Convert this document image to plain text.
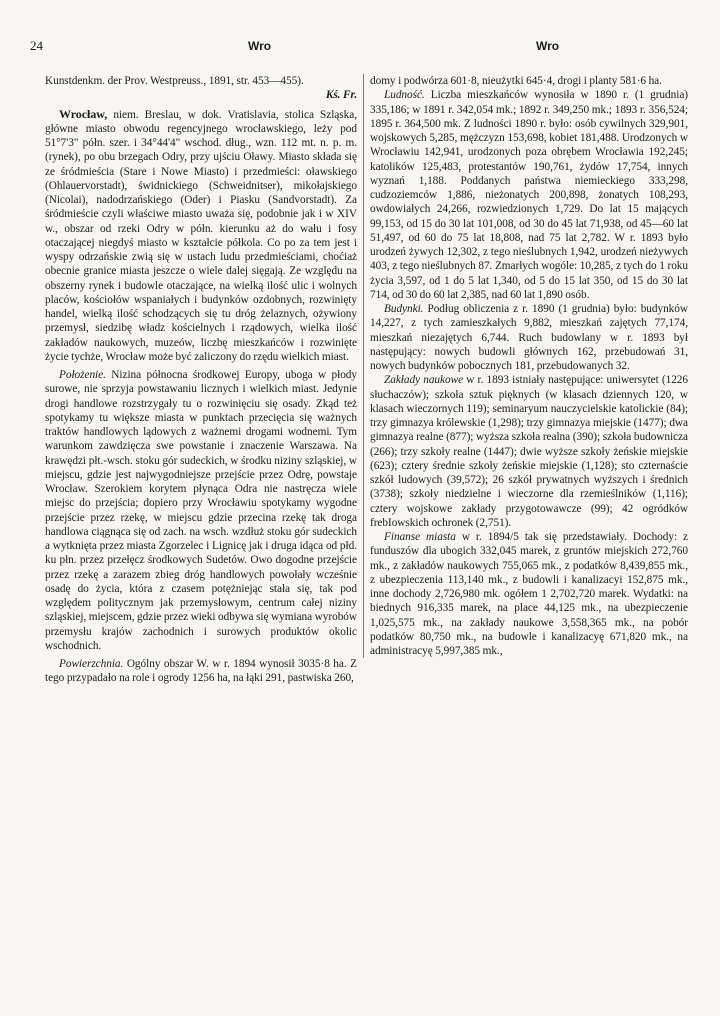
24	Wro	Wro

Kunstdenkm. der Prov. Westpreuss., 1891, str. 453—455).

Kś. Fr.

Wrocław, niem. Breslau, w dok. Vratislavia, stolica Szląska, główne miasto obwodu regencyjnego wrocławskiego, leży pod 51°7'3" półn. szer. i 34°44'4" wschod. dług., wzn. 112 mt. n. p. m. (rynek), po obu brzegach Odry, przy ujściu Oławy. Miasto składa się ze śródmieścia (Stare i Nowe Miasto) i przedmieści: oławskiego (Ohlauervorstadt), świdnickiego (Schweidnitser), mikołajskiego (Nicolai), nadodrzańskiego (Oder) i Piasku (Sandvorstadt). Za śródmieście czyli właściwe miasto uważa się, podobnie jak i w XIV w., obszar od rzeki Odry w półn. kierunku aż do wału i fosy otaczającej niegdyś miasto w kształcie półkola. Co po za tem jest i wyspy odrzańskie zwią się w ustach ludu przedmieściami, choćiaż obecnie granice miasta jeszcze o wiele dalej sięgają. Ze względu na obszerny rynek i budowle otaczające, na wielką ilość ulic i wolnych placów, kościołów wspaniałych i budynków ozdobnych, rozwinięty handel, wielką ilość schodzących się tu dróg żelaznych, ożywiony przemysł, siedzibę władz kościelnych i rządowych, wielka ilość zakładów naukowych, muzeów, liczbę mieszkańców i rozwinięte życie tychże, Wrocław może być zaliczony do rzędu wielkich miast.

Położenie. Nizina północna środkowej Europy, uboga w płody surowe, nie sprzyja powstawaniu licznych i wielkich miast. Jedynie drogi handlowe rozstrzygały tu o rozwinięciu się osady. Zkąd też spotykamy tu większe miasta w punktach przecięcia się ważnych traktów handlowych lądowych z ważnemi drogami wodnemi. Tym warunkom zawdzięcza swe powstanie i znaczenie Warszawa. Na krawędzi płt.-wsch. stoku gór sudeckich, w środku niziny szląskiej, w miejscu, gdzie jest najwygodniejsze przejście przez Odrę, powstaje Wrocław. Szerokiem korytem płynąca Odra nie nastręcza wiele miejsc do przejścia; dopiero przy Wrocławiu spotykamy wygodne przejście przez rzekę, w miejscu gdzie przecina rzekę tak droga handlowa ciągnąca się od zach. na wsch. wzdłuż stoku gór sudeckich a wytknięta przez miasta Zgorzelec i Lignicę jak i druga idąca od płd. ku płn. przez przełęcz środkowych Sudetów. Owo dogodne przejście przez rzekę a zarazem zbieg dróg handlowych powołały wcześnie osadę do życia, która z czasem potężniejąc stała się, tak pod względem politycznym jak przemysłowym, centrum całej niziny szląskiej, miejscem, gdzie przez wieki odbywa się wymiana wyrobów przemysłu krajów zachodnich i surowych produktów okolic wschodnich.

Powierzchnia. Ogólny obszar W. w r. 1894 wynosił 3035·8 ha. Z tego przypadało na role i ogrody 1256 ha, na łąki 291, pastwiska 260,

domy i podwórza 601·8, nieużytki 645·4, drogi i planty 581·6 ha.

Ludność. Liczba mieszkańców wynosiła w 1890 r. (1 grudnia) 335,186; w 1891 r. 342,054 mk.; 1892 r. 349,250 mk.; 1893 r. 356,524; 1895 r. 364,500 mk. Z ludności 1890 r. było: osób cywilnych 329,901, wojskowych 5,285, mężczyzn 153,698, kobiet 181,488. Urodzonych w Wrocławiu 142,941, urodzonych poza obrębem Wrocławia 192,245; katolików 125,483, protestantów 190,761, żydów 17,754, innych wyznań 1,188. Poddanych państwa niemieckiego 333,298, cudzoziemców 1,886, nieżonatych 200,898, żonatych 108,293, owdowiałych 24,266, rozwiedzionych 1,729. Do lat 15 mających 99,153, od 15 do 30 lat 101,008, od 30 do 45 lat 71,938, od 45—60 lat 51,497, od 60 do 75 lat 18,808, nad 75 lat 2,782. W r. 1893 było urodzeń żywych 12,302, z tego nieślubnych 1,942, urodzeń nieżywych 403, z tego nieślubnych 87. Zmarłych wogóle: 10,285, z tych do 1 roku życia 3,597, od 1 do 5 lat 1,340, od 5 do 15 lat 350, od 15 do 30 lat 714, od 30 do 60 lat 2,385, nad 60 lat 1,890 osób.

Budynki. Podług obliczenia z r. 1890 (1 grudnia) było: budynków 14,227, z tych zamieszkałych 9,882, mieszkań zajętych 77,174, mieszkań niezajętych 6,744. Ruch budowlany w r. 1893 był następujący: nowych budowli głównych 162, przebudowań 31, nowych budynków pobocznych 181, przebudowanych 32.

Zakłady naukowe w r. 1893 istniały następujące: uniwersytet (1226 słuchaczów); szkoła sztuk pięknych (w klasach dziennych 120, w klasach wieczornych 119); seminaryum nauczycielskie katolickie (84); trzy gimnazya królewskie (1,298); trzy gimnazya miejskie (1477); dwa gimnazya realne (877); wyższa szkoła realna (390); szkoła budownicza (266); trzy szkoły realne (1447); dwie wyższe szkoły żeńskie miejskie (623); cztery średnie szkoły żeńskie miejskie (1,128); sto czternaście szkół ludowych (39,572); 26 szkół prywatnych wyższych i średnich (3738); szkoły niedzielne i wieczorne dla rzemieślników (1,116); cztery wojskowe zakłady przygotowawcze (99); 42 ogródków frebIowskich ochronek (2,751).

Finanse miasta w r. 1894/5 tak się przedstawiały. Dochody: z funduszów dla ubogich 332,045 marek, z gruntów miejskich 272,760 mk., z zakładów naukowych 755,065 mk., z podatków 8,439,855 mk., z ubezpieczenia 113,140 mk., z budowli i kanalizacyi 152,875 mk., inne dochody 2,726,980 mk. ogółem 1 2,702,720 marek. Wydatki: na biednych 916,335 marek, na place 44,125 mk., na ubezpieczenie 1,025,575 mk., na zakłady naukowe 3,558,365 mk., na pobór podatków 80,750 mk., na budowle i kanalizacyę 671,820 mk., na administracyę 5,997,385 mk.,
